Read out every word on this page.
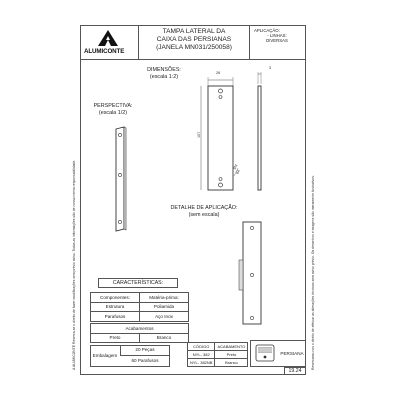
ALUMICONTE
TAMPA LATERAL DA
CAIXA DAS PERSIANAS
(JANELA MN031/250058)
APLICAÇÃO:
- LINHAS:
DIVERSAS
Reservamo-nos o direito de efetuar as alterações técnicas sem aviso prévio. Os desenhos e imagens são meramente ilustrativos.
A ALUMICONTE Reserva-se o direito de fazer modificações sem prévio aviso. Todas as informações são de nossa inteira responsabilidade.
DIMENSÕES:
(escala 1:2)
PERSPECTIVA:
(escala 1/2)
DETALHE DE APLICAÇÃO:
(sem escala)
26
3
107
Ø4
64
CARACTERÍSTICAS:
Componentes:	Matéria-prima:
Estrutura	Poliamida
Parafusos	Aço Inox
Acabamentos
Preto	Branco
Embalagem
20 Peças
60 Parafusos
CÓDIGO	ACABAMENTO
NYL- 382	Preto
NYL- 382NB	Branco
PERSIANA
19.24
